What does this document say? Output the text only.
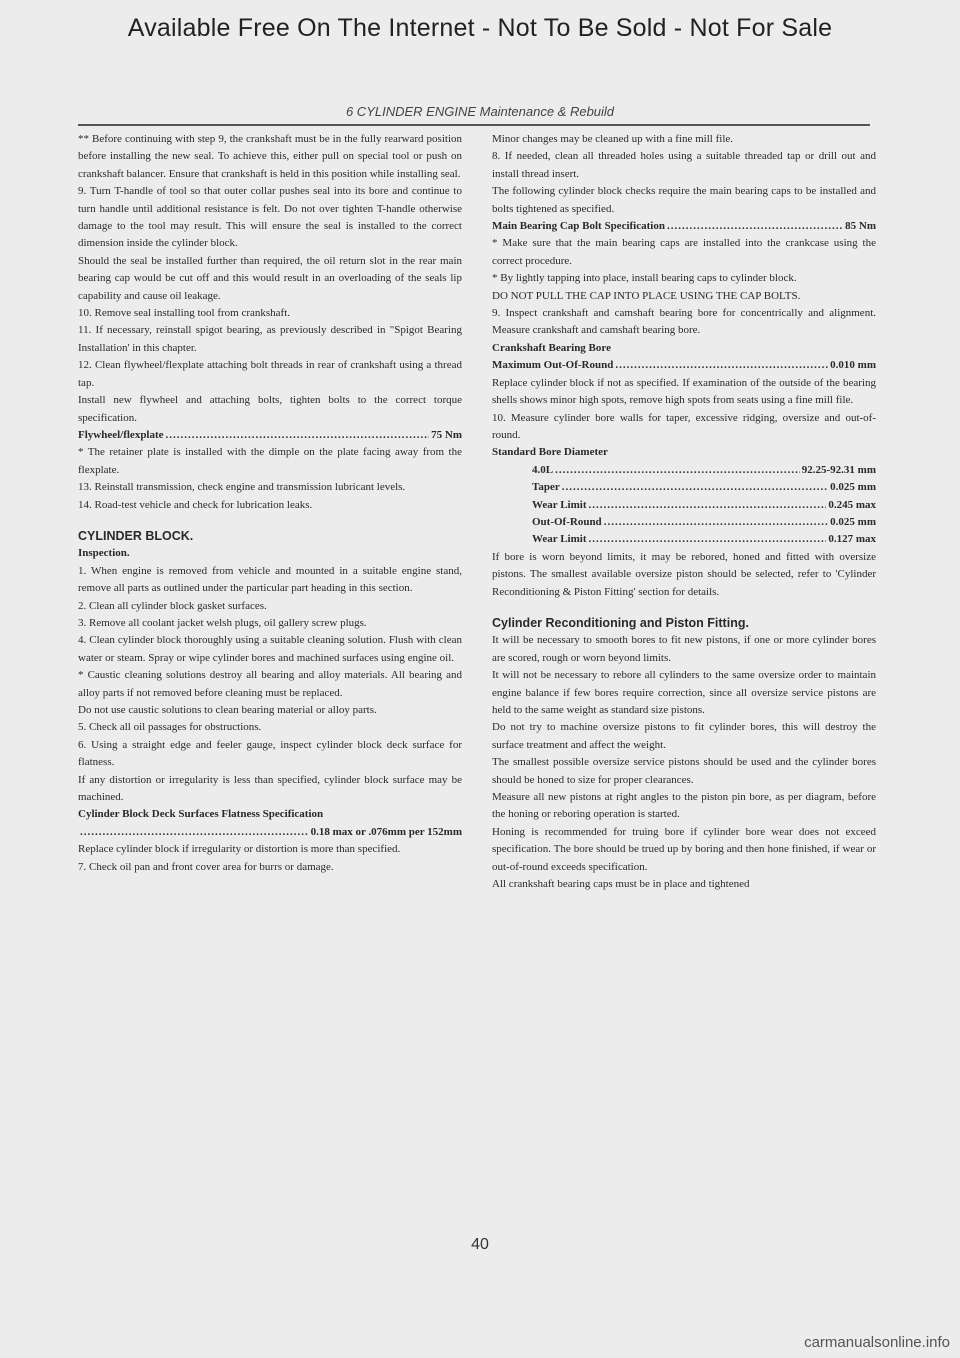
Available Free On The Internet - Not To Be Sold - Not For Sale
6 CYLINDER ENGINE Maintenance & Rebuild

** Before continuing with step 9, the crankshaft must be in the fully rearward position before installing the new seal. To achieve this, either pull on special tool or push on crankshaft balancer. Ensure that crankshaft is held in this position while installing seal.

9. Turn T-handle of tool so that outer collar pushes seal into its bore and continue to turn handle until additional resistance is felt. Do not over tighten T-handle otherwise damage to the tool may result. This will ensure the seal is installed to the correct dimension inside the cylinder block.

Should the seal be installed further than required, the oil return slot in the rear main bearing cap would be cut off and this would result in an overloading of the seals lip capability and cause oil leakage.

10. Remove seal installing tool from crankshaft.

11. If necessary, reinstall spigot bearing, as previously described in "Spigot Bearing Installation' in this chapter.

12. Clean flywheel/flexplate attaching bolt threads in rear of crankshaft using a thread tap.

Install new flywheel and attaching bolts, tighten bolts to the correct torque specification.

Flywheel/flexplate .....	75 Nm

* The retainer plate is installed with the dimple on the plate facing away from the flexplate.

13. Reinstall transmission, check engine and transmission lubricant levels.

14. Road-test vehicle and check for lubrication leaks.

CYLINDER BLOCK.

Inspection.

1. When engine is removed from vehicle and mounted in a suitable engine stand, remove all parts as outlined under the particular part heading in this section.

2. Clean all cylinder block gasket surfaces.

3. Remove all coolant jacket welsh plugs, oil gallery screw plugs.

4. Clean cylinder block thoroughly using a suitable cleaning solution. Flush with clean water or steam. Spray or wipe cylinder bores and machined surfaces using engine oil.

* Caustic cleaning solutions destroy all bearing and alloy materials. All bearing and alloy parts if not removed before cleaning must be replaced.

Do not use caustic solutions to clean bearing material or alloy parts.

5. Check all oil passages for obstructions.

6. Using a straight edge and feeler gauge, inspect cylinder block deck surface for flatness.

If any distortion or irregularity is less than specified, cylinder block surface may be machined.

Cylinder Block Deck Surfaces Flatness Specification

.....
0.18 max or .076mm per 152mm

Replace cylinder block if irregularity or distortion is more than specified.

7. Check oil pan and front cover area for burrs or damage.

Minor changes may be cleaned up with a fine mill file.

8. If needed, clean all threaded holes using a suitable threaded tap or drill out and install thread insert.

The following cylinder block checks require the main bearing caps to be installed and bolts tightened as specified.

Main Bearing Cap Bolt Specification .....	85 Nm

* Make sure that the main bearing caps are installed into the crankcase using the correct procedure.

* By lightly tapping into place, install bearing caps to cylinder block.

DO NOT PULL THE CAP INTO PLACE USING THE CAP BOLTS.

9. Inspect crankshaft and camshaft bearing bore for concentrically and alignment. Measure crankshaft and camshaft bearing bore.

Crankshaft Bearing Bore

Maximum Out-Of-Round .....	0.010 mm

Replace cylinder block if not as specified. If examination of the outside of the bearing shells shows minor high spots, remove high spots from seats using a fine mill file.

10. Measure cylinder bore walls for taper, excessive ridging, oversize and out-of-round.

Standard Bore Diameter

4.0L .....	92.25-92.31 mm
Taper .....	0.025 mm
Wear Limit .....	0.245 max
Out-Of-Round .....	0.025 mm
Wear Limit .....	0.127 max

If bore is worn beyond limits, it may be rebored, honed and fitted with oversize pistons. The smallest available oversize piston should be selected, refer to 'Cylinder Reconditioning & Piston Fitting' section for details.

Cylinder Reconditioning and Piston Fitting.

It will be necessary to smooth bores to fit new pistons, if one or more cylinder bores are scored, rough or worn beyond limits.

It will not be necessary to rebore all cylinders to the same oversize order to maintain engine balance if few bores require correction, since all oversize service pistons are held to the same weight as standard size pistons.

Do not try to machine oversize pistons to fit cylinder bores, this will destroy the surface treatment and affect the weight.

The smallest possible oversize service pistons should be used and the cylinder bores should be honed to size for proper clearances.

Measure all new pistons at right angles to the piston pin bore, as per diagram, before the honing or reboring operation is started.

Honing is recommended for truing bore if cylinder bore wear does not exceed specification. The bore should be trued up by boring and then hone finished, if wear or out-of-round exceeds specification.

All crankshaft bearing caps must be in place and tightened

40
carmanualsonline.info
